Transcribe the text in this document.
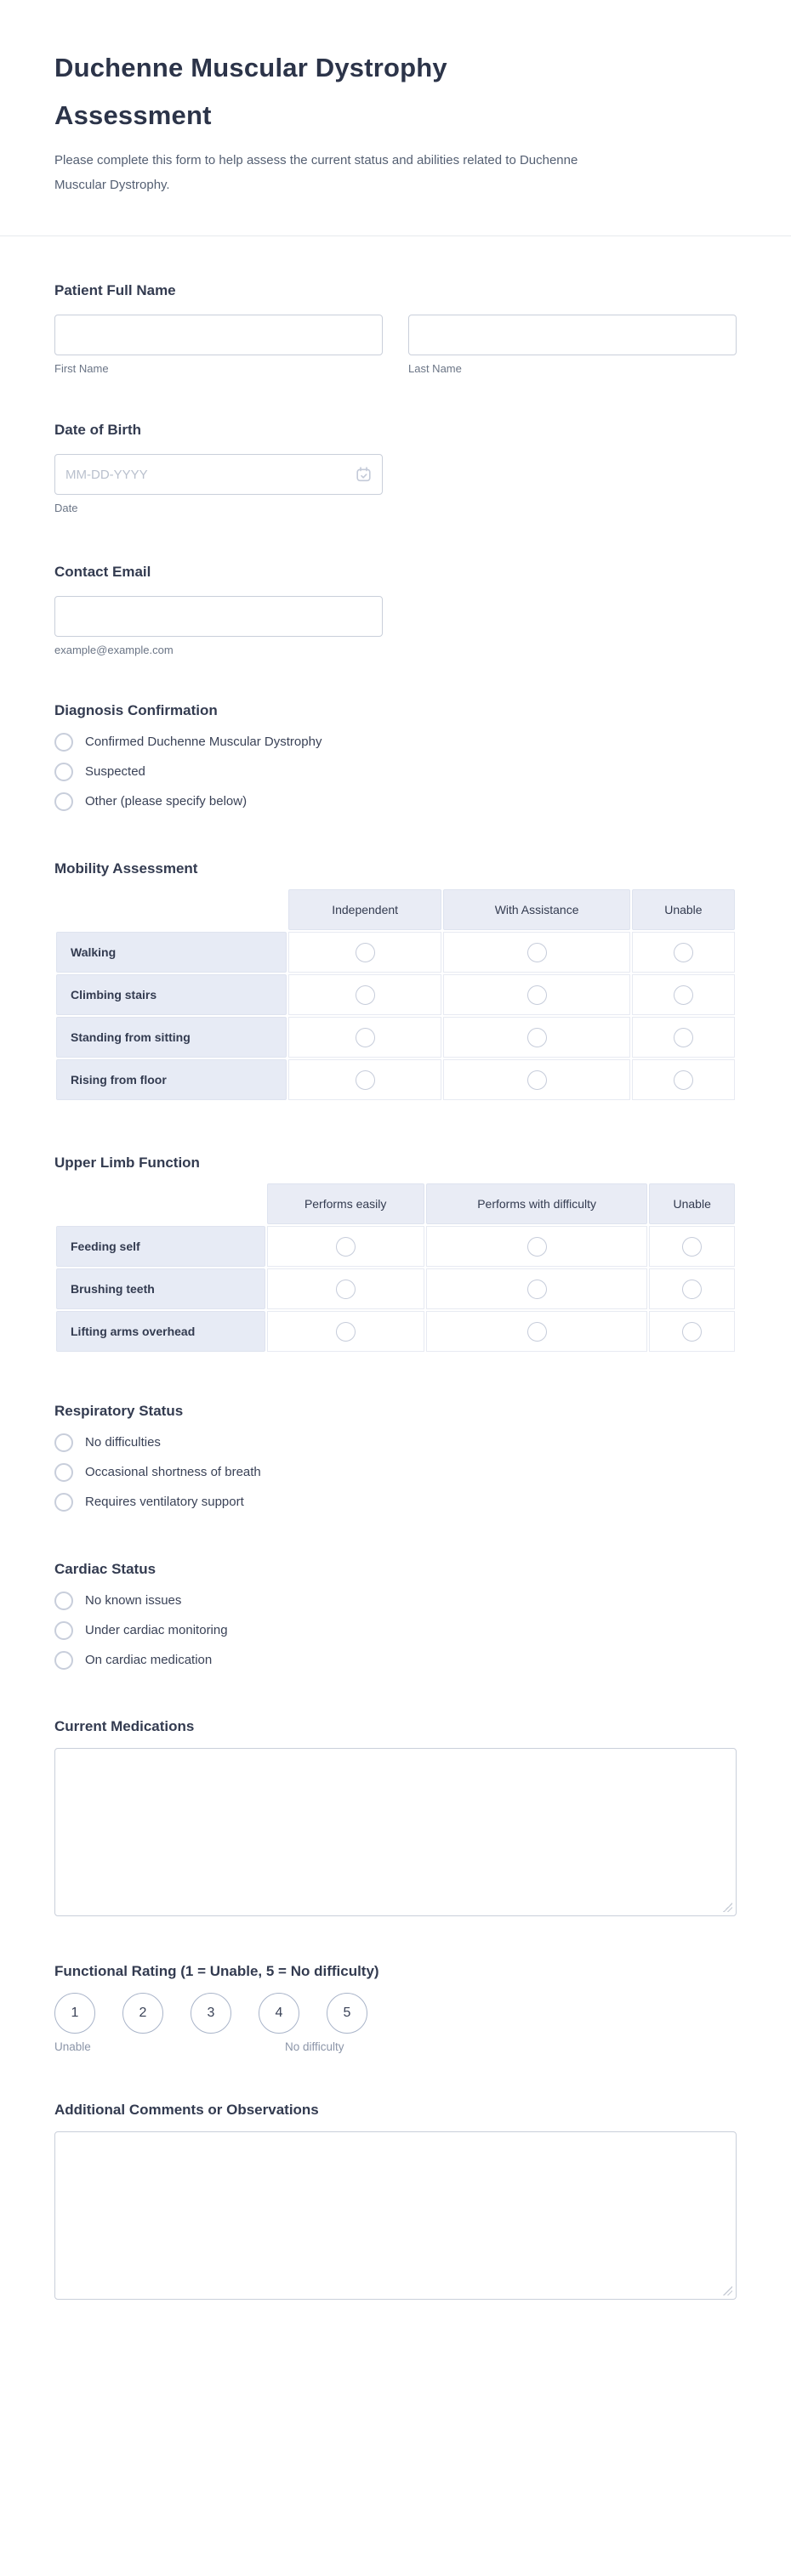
Duchenne Muscular Dystrophy Assessment

Please complete this form to help assess the current status and abilities related to Duchenne Muscular Dystrophy.

Patient Full Name
First Name	Last Name
Date of Birth
MM-DD-YYYY
Date
Contact Email
example@example.com
Diagnosis Confirmation
Confirmed Duchenne Muscular Dystrophy
Suspected
Other (please specify below)
Mobility Assessment
	Independent	With Assistance	Unable
Walking			
Climbing stairs			
Standing from sitting			
Rising from floor			
Upper Limb Function
	Performs easily	Performs with difficulty	Unable
Feeding self			
Brushing teeth			
Lifting arms overhead			
Respiratory Status
No difficulties
Occasional shortness of breath
Requires ventilatory support
Cardiac Status
No known issues
Under cardiac monitoring
On cardiac medication
Current Medications
Functional Rating (1 = Unable, 5 = No difficulty)
1	2	3	4	5
Unable	No difficulty
Additional Comments or Observations
